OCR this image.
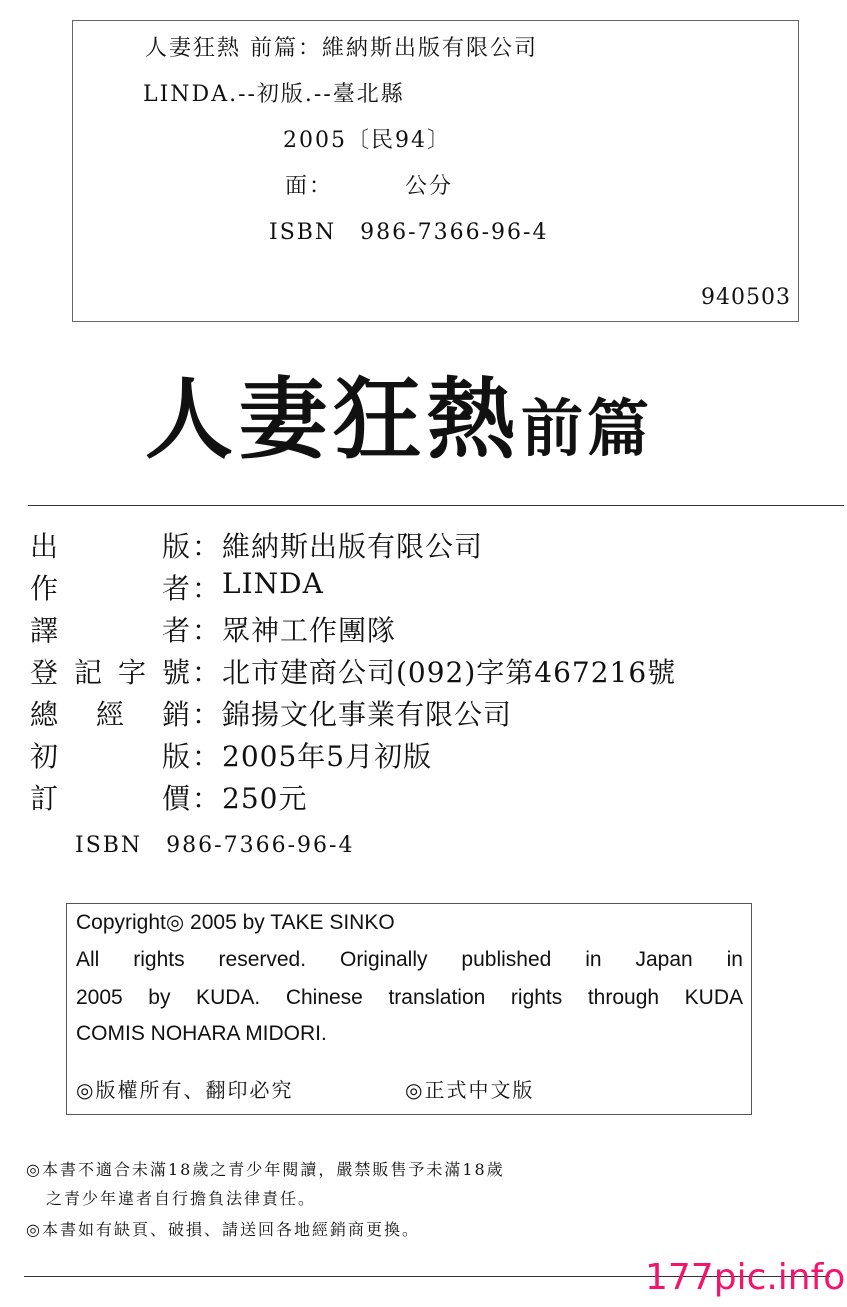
人妻狂熱 前篇：維納斯出版有限公司
LINDA.--初版.--臺北縣
2005〔民94〕
面：	公分
ISBN　986-7366-96-4
940503
人妻狂熱前篇
出	版 ： 維納斯出版有限公司
作	者 ： LINDA
譯	者 ： 眾神工作團隊
登 記 字 號 ： 北市建商公司(092)字第467216號
總 經 銷 ： 錦揚文化事業有限公司
初	版 ： 2005年5月初版
訂	價 ： 250元
ISBN　986-7366-96-4
Copyright◎ 2005 by TAKE SINKO
All rights reserved. Originally published in Japan in
2005 by KUDA. Chinese translation rights through KUDA
COMIS NOHARA MIDORI.
◎版權所有、翻印必究	◎正式中文版
◎本書不適合未滿18歲之青少年閱讀，嚴禁販售予未滿18歲
之青少年違者自行擔負法律責任。
◎本書如有缺頁、破損、請送回各地經銷商更換。
177pic.info
